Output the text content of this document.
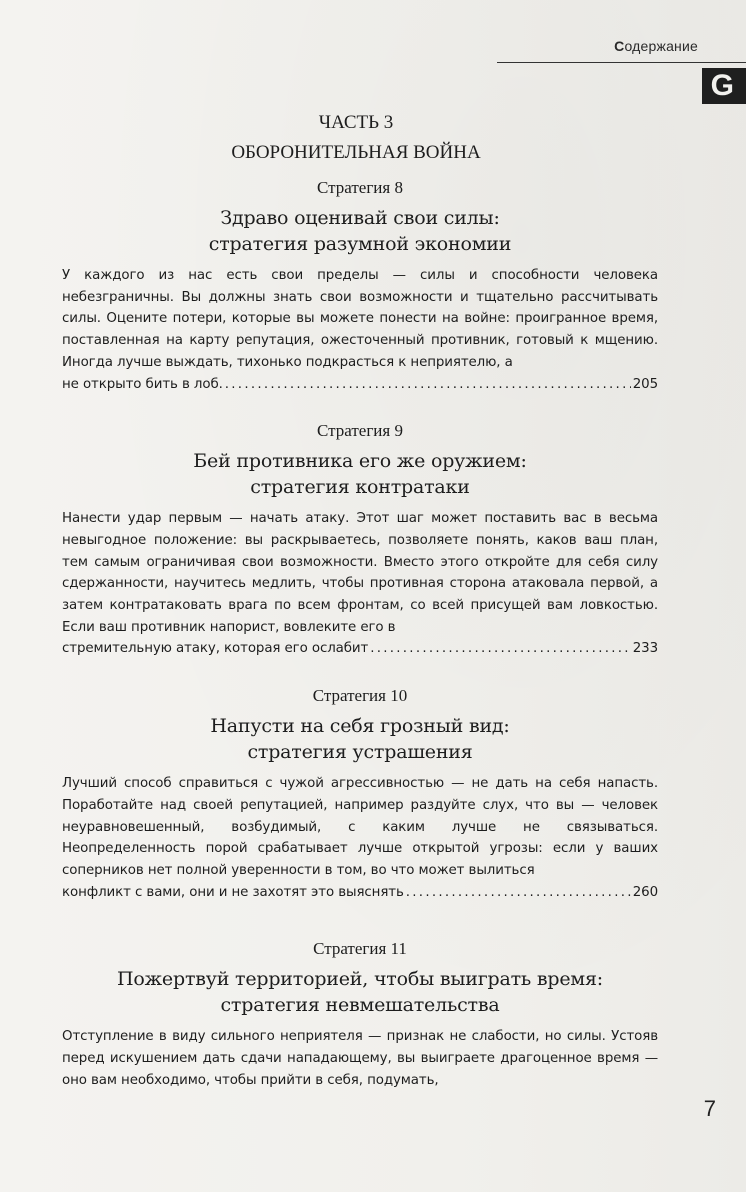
Содержание
G
ЧАСТЬ 3
ОБОРОНИТЕЛЬНАЯ ВОЙНА
Стратегия 8
Здраво оценивай свои силы:
стратегия разумной экономии
У каждого из нас есть свои пределы — силы и способности человека небезграничны. Вы должны знать свои возможности и тщательно рассчитывать силы. Оцените потери, которые вы можете понести на войне: проигранное время, поставленная на карту репутация, ожесточенный противник, готовый к мщению. Иногда лучше выждать, тихонько подкрасться к неприятелю, а
не открыто бить в лоб. . . .	205
Стратегия 9
Бей противника его же оружием:
стратегия контратаки
Нанести удар первым — начать атаку. Этот шаг может поставить вас в весьма невыгодное положение: вы раскрываетесь, позволяете понять, каков ваш план, тем самым ограничивая свои возможности. Вместо этого откройте для себя силу сдержанности, научитесь медлить, чтобы противная сторона атаковала первой, а затем контратаковать врага по всем фронтам, со всей присущей вам ловкостью. Если ваш противник напорист, вовлеките его в
стремительную атаку, которая его ослабит . . .	233
Стратегия 10
Напусти на себя грозный вид:
стратегия устрашения
Лучший способ справиться с чужой агрессивностью — не дать на себя напасть. Поработайте над своей репутацией, например раздуйте слух, что вы — человек неуравновешенный, возбудимый, с каким лучше не связываться. Неопределенность порой срабатывает лучше открытой угрозы: если у ваших соперников нет полной уверенности в том, во что может вылиться
конфликт с вами, они и не захотят это выяснять . . .	260
Стратегия 11
Пожертвуй территорией, чтобы выиграть время:
стратегия невмешательства
Отступление в виду сильного неприятеля — признак не слабости, но силы. Устояв перед искушением дать сдачи нападающему, вы выиграете драгоценное время — оно вам необходимо, чтобы прийти в себя, подумать,
7
